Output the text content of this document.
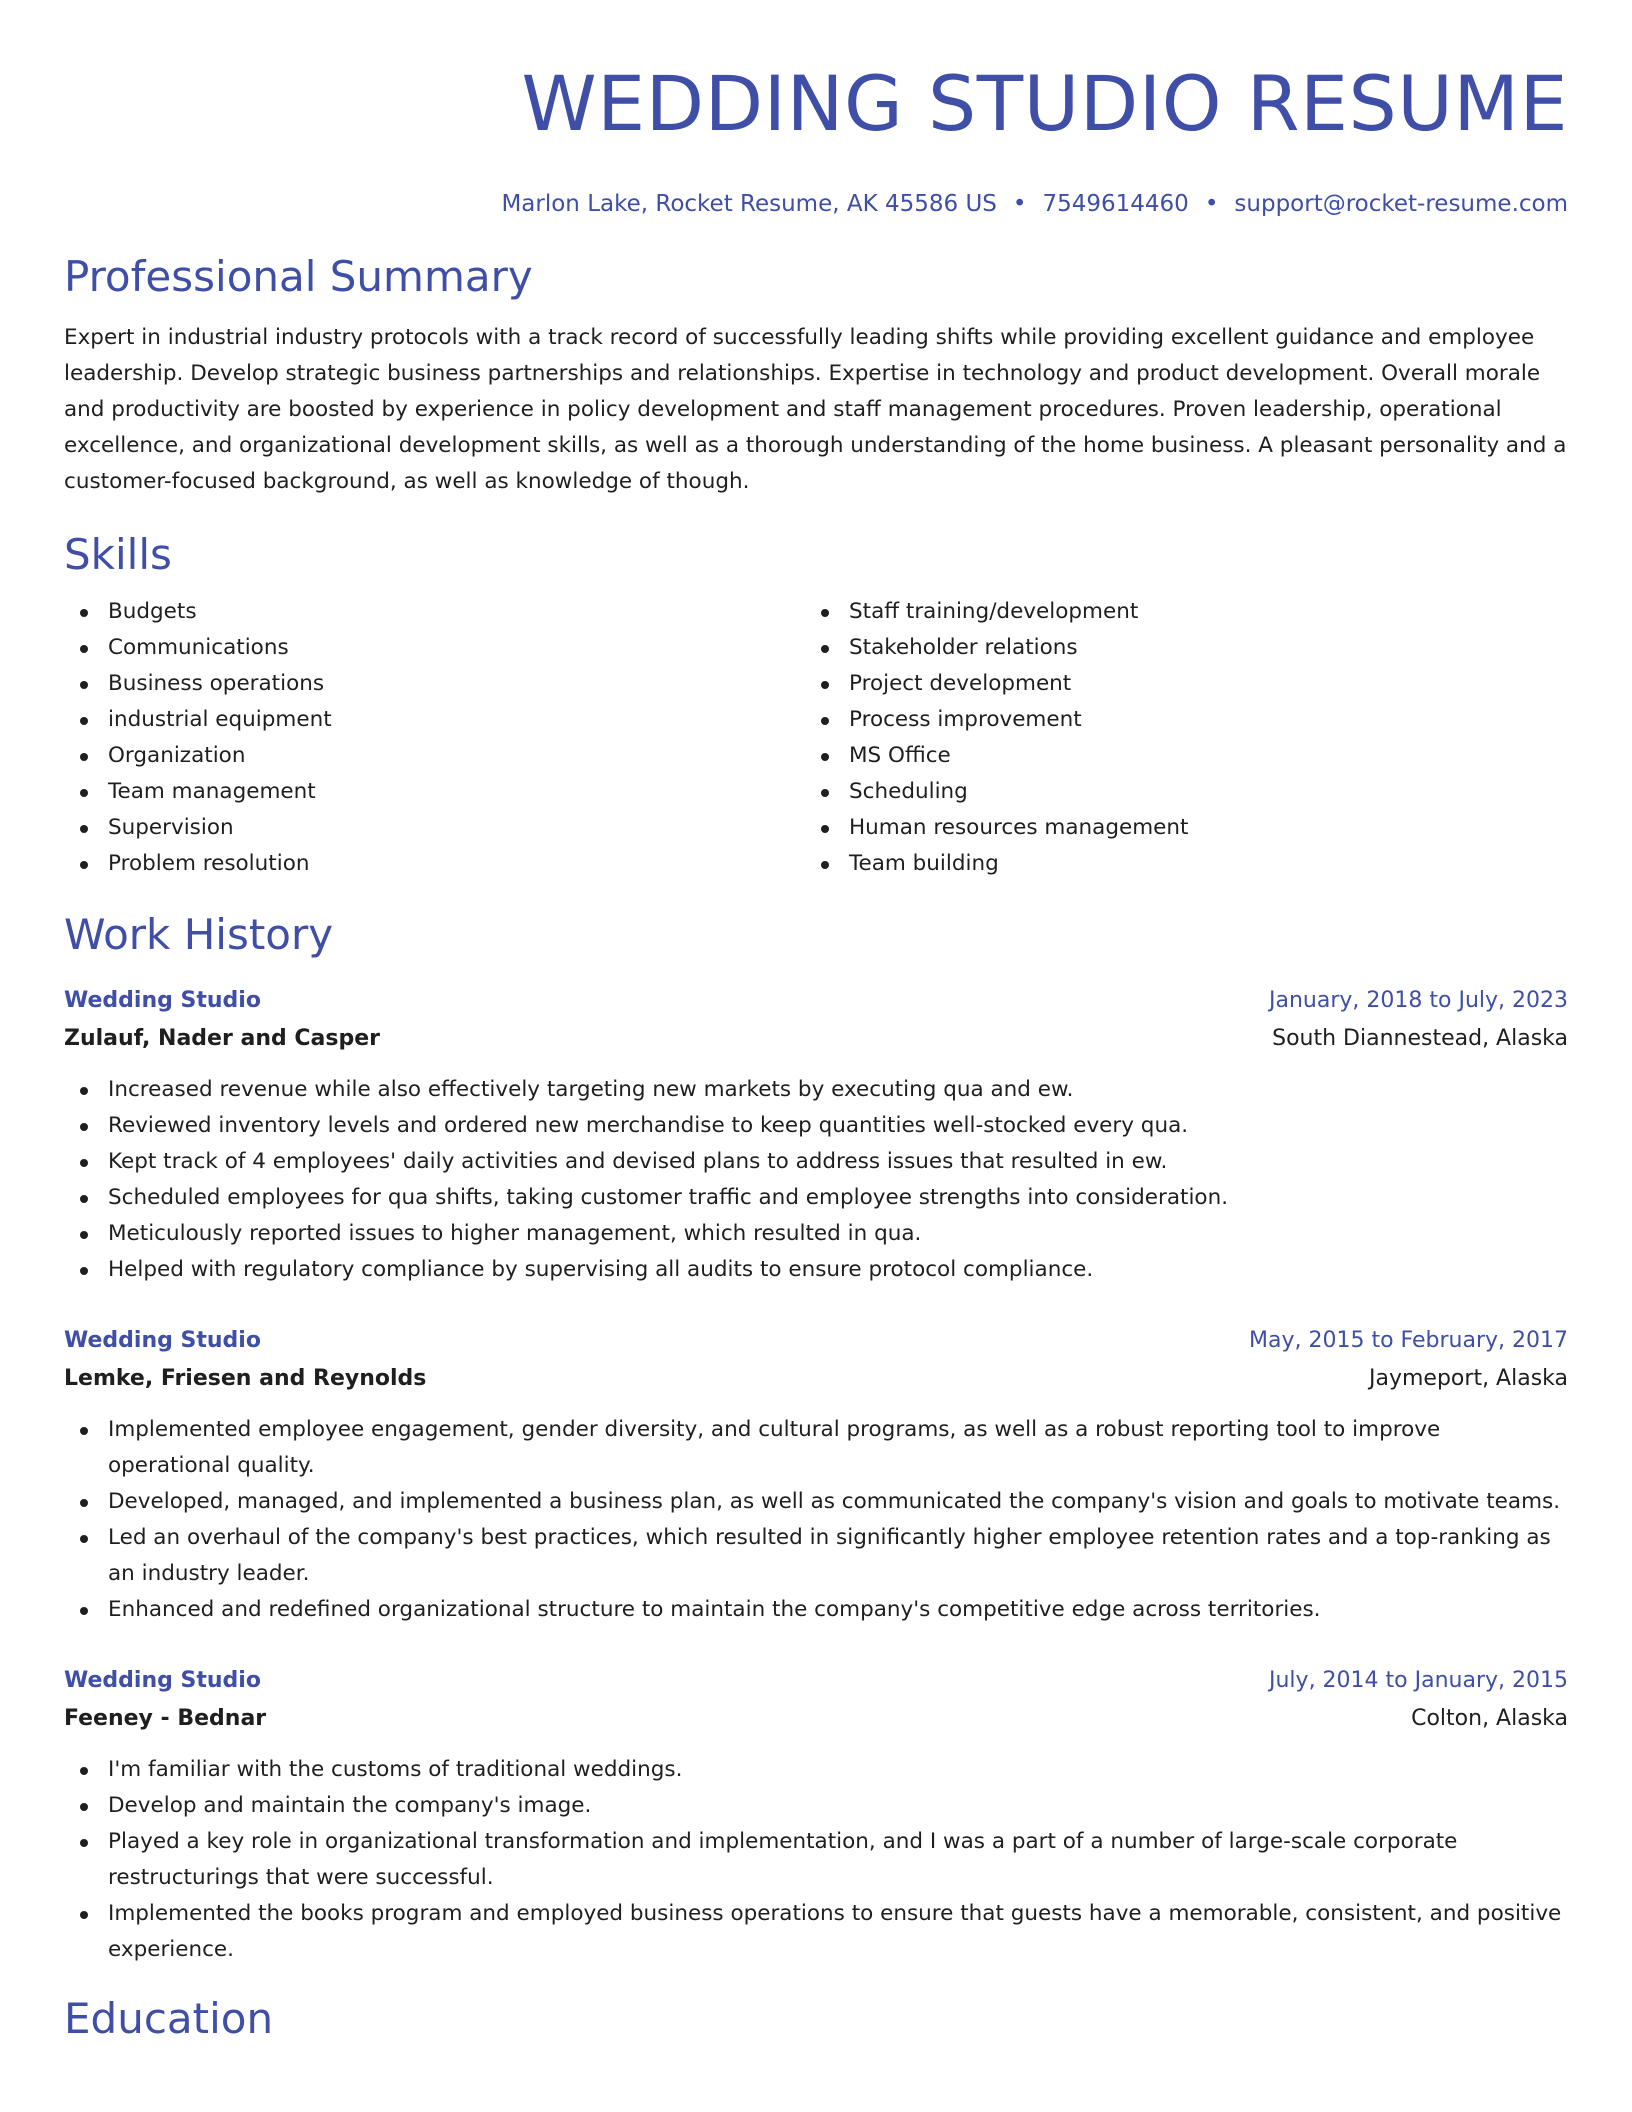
WEDDING STUDIO RESUME
Marlon Lake, Rocket Resume, AK 45586 US • 7549614460 • support@rocket-resume.com
Professional Summary
Expert in industrial industry protocols with a track record of successfully leading shifts while providing excellent guidance and employee leadership. Develop strategic business partnerships and relationships. Expertise in technology and product development. Overall morale and productivity are boosted by experience in policy development and staff management procedures. Proven leadership, operational excellence, and organizational development skills, as well as a thorough understanding of the home business. A pleasant personality and a customer-focused background, as well as knowledge of though.
Skills
Budgets
Communications
Business operations
industrial equipment
Organization
Team management
Supervision
Problem resolution
Staff training/development
Stakeholder relations
Project development
Process improvement
MS Office
Scheduling
Human resources management
Team building
Work History
Wedding Studio	January, 2018 to July, 2023
Zulauf, Nader and Casper	South Diannestead, Alaska
Increased revenue while also effectively targeting new markets by executing qua and ew.
Reviewed inventory levels and ordered new merchandise to keep quantities well-stocked every qua.
Kept track of 4 employees' daily activities and devised plans to address issues that resulted in ew.
Scheduled employees for qua shifts, taking customer traffic and employee strengths into consideration.
Meticulously reported issues to higher management, which resulted in qua.
Helped with regulatory compliance by supervising all audits to ensure protocol compliance.
Wedding Studio	May, 2015 to February, 2017
Lemke, Friesen and Reynolds	Jaymeport, Alaska
Implemented employee engagement, gender diversity, and cultural programs, as well as a robust reporting tool to improve operational quality.
Developed, managed, and implemented a business plan, as well as communicated the company's vision and goals to motivate teams.
Led an overhaul of the company's best practices, which resulted in significantly higher employee retention rates and a top-ranking as an industry leader.
Enhanced and redefined organizational structure to maintain the company's competitive edge across territories.
Wedding Studio	July, 2014 to January, 2015
Feeney - Bednar	Colton, Alaska
I'm familiar with the customs of traditional weddings.
Develop and maintain the company's image.
Played a key role in organizational transformation and implementation, and I was a part of a number of large-scale corporate restructurings that were successful.
Implemented the books program and employed business operations to ensure that guests have a memorable, consistent, and positive experience.
Education
